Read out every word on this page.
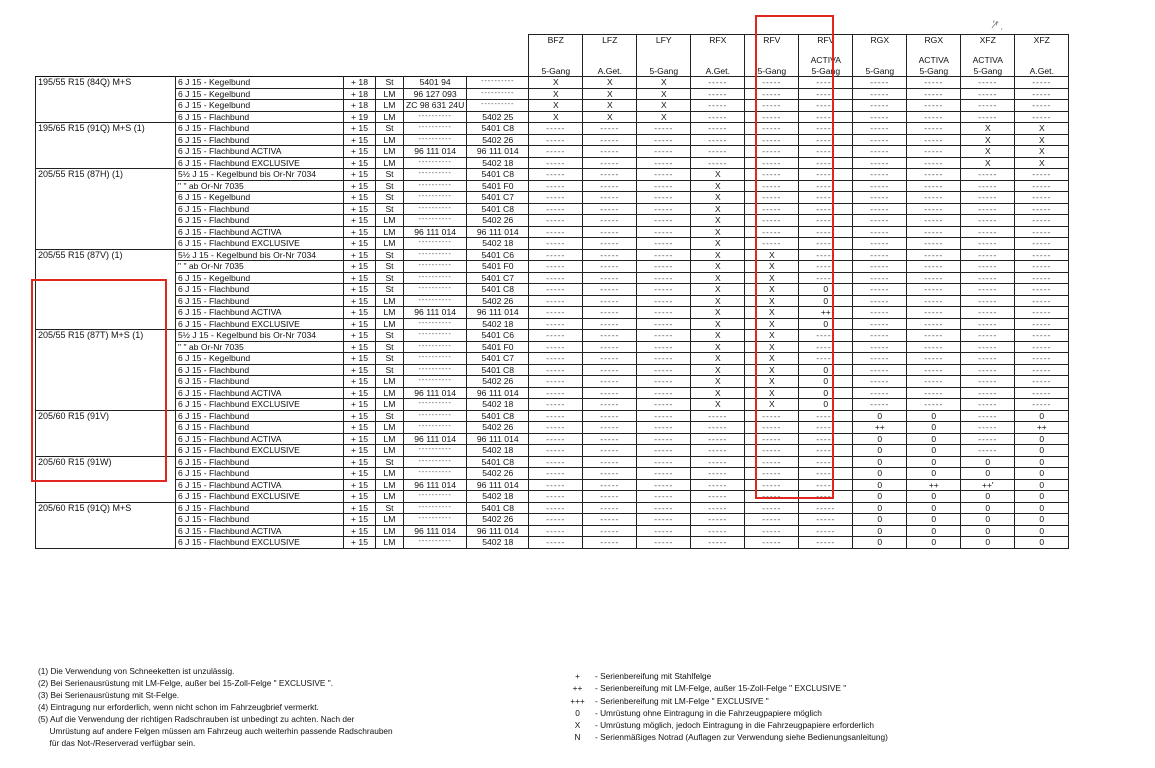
ʼ⁄ʳ ˌ
						BFZ	LFZ	LFY	RFX	RFV	RFV	RGX	RGX	XFZ	XFZ
											ACTIVA		ACTIVA	ACTIVA	
						5-Gang	A.Get.	5-Gang	A.Get.	5-Gang	5-Gang	5-Gang	5-Gang	5-Gang	A.Get.
195/55 R15 (84Q) M+S	6 J 15 - Kegelbund	+ 18	St	5401 94	----------	X	X	X	-----	-----	-----	-----	-----	-----	-----
	6 J 15 - Kegelbund	+ 18	LM	96 127 093	----------	X	X	X	-----	-----	-----	-----	-----	-----	-----
	6 J 15 - Kegelbund	+ 18	LM	ZC 98 631 24U	----------	X	X	X	-----	-----	-----	-----	-----	-----	-----
	6 J 15 - Flachbund	+ 19	LM	----------	5402 25	X	X	X	-----	-----	-----	-----	-----	-----	-----
195/65 R15 (91Q) M+S (1)	6 J 15 - Flachbund	+ 15	St	----------	5401 C8	-----	-----	-----	-----	-----	-----	-----	-----	X	X
	6 J 15 - Flachbund	+ 15	LM	----------	5402 26	-----	-----	-----	-----	-----	-----	-----	-----	X	X
	6 J 15 - Flachbund ACTIVA	+ 15	LM	96 111 014	96 111 014	-----	-----	-----	-----	-----	-----	-----	-----	X	X
	6 J 15 - Flachbund EXCLUSIVE	+ 15	LM	----------	5402 18	-----	-----	-----	-----	-----	-----	-----	-----	X	X
205/55 R15 (87H) (1)	5½ J 15 - Kegelbund bis Or-Nr 7034	+ 15	St	----------	5401 C8	-----	-----	-----	X	-----	-----	-----	-----	-----	-----
	" " ab Or-Nr 7035	+ 15	St	----------	5401 F0	-----	-----	-----	X	-----	-----	-----	-----	-----	-----
	6 J 15 - Kegelbund	+ 15	St	----------	5401 C7	-----	-----	-----	X	-----	-----	-----	-----	-----	-----
	6 J 15 - Flachbund	+ 15	St	----------	5401 C8	-----	-----	-----	X	-----	-----	-----	-----	-----	-----
	6 J 15 - Flachbund	+ 15	LM	----------	5402 26	-----	-----	-----	X	-----	-----	-----	-----	-----	-----
	6 J 15 - Flachbund ACTIVA	+ 15	LM	96 111 014	96 111 014	-----	-----	-----	X	-----	-----	-----	-----	-----	-----
	6 J 15 - Flachbund EXCLUSIVE	+ 15	LM	----------	5402 18	-----	-----	-----	X	-----	-----	-----	-----	-----	-----
205/55 R15 (87V) (1)	5½ J 15 - Kegelbund bis Or-Nr 7034	+ 15	St	----------	5401 C6	-----	-----	-----	X	X	-----	-----	-----	-----	-----
	" " ab Or-Nr 7035	+ 15	St	----------	5401 F0	-----	-----	-----	X	X	-----	-----	-----	-----	-----
	6 J 15 - Kegelbund	+ 15	St	----------	5401 C7	-----	-----	-----	X	X	-----	-----	-----	-----	-----
	6 J 15 - Flachbund	+ 15	St	----------	5401 C8	-----	-----	-----	X	X	0	-----	-----	-----	-----
	6 J 15 - Flachbund	+ 15	LM	----------	5402 26	-----	-----	-----	X	X	0	-----	-----	-----	-----
	6 J 15 - Flachbund ACTIVA	+ 15	LM	96 111 014	96 111 014	-----	-----	-----	X	X	++	-----	-----	-----	-----
	6 J 15 - Flachbund EXCLUSIVE	+ 15	LM	----------	5402 18	-----	-----	-----	X	X	0	-----	-----	-----	-----
205/55 R15 (87T) M+S (1)	5½ J 15 - Kegelbund bis Or-Nr 7034	+ 15	St	----------	5401 C6	-----	-----	-----	X	X	-----	-----	-----	-----	-----
	" " ab Or-Nr 7035	+ 15	St	----------	5401 F0	-----	-----	-----	X	X	-----	-----	-----	-----	-----
	6 J 15 - Kegelbund	+ 15	St	----------	5401 C7	-----	-----	-----	X	X	-----	-----	-----	-----	-----
	6 J 15 - Flachbund	+ 15	St	----------	5401 C8	-----	-----	-----	X	X	0	-----	-----	-----	-----
	6 J 15 - Flachbund	+ 15	LM	----------	5402 26	-----	-----	-----	X	X	0	-----	-----	-----	-----
	6 J 15 - Flachbund ACTIVA	+ 15	LM	96 111 014	96 111 014	-----	-----	-----	X	X	0	-----	-----	-----	-----
	6 J 15 - Flachbund EXCLUSIVE	+ 15	LM	----------	5402 18	-----	-----	-----	X	X	0	-----	-----	-----	-----
205/60 R15 (91V)	6 J 15 - Flachbund	+ 15	St	----------	5401 C8	-----	-----	-----	-----	-----	-----	0	0	-----	0
	6 J 15 - Flachbund	+ 15	LM	----------	5402 26	-----	-----	-----	-----	-----	-----	++	0	-----	++
	6 J 15 - Flachbund ACTIVA	+ 15	LM	96 111 014	96 111 014	-----	-----	-----	-----	-----	-----	0	0	-----	0
	6 J 15 - Flachbund EXCLUSIVE	+ 15	LM	----------	5402 18	-----	-----	-----	-----	-----	-----	0	0	-----	0
205/60 R15 (91W)	6 J 15 - Flachbund	+ 15	St	----------	5401 C8	-----	-----	-----	-----	-----	-----	0	0	0	0
	6 J 15 - Flachbund	+ 15	LM	----------	5402 26	-----	-----	-----	-----	-----	-----	0	0	0	0
	6 J 15 - Flachbund ACTIVA	+ 15	LM	96 111 014	96 111 014	-----	-----	-----	-----	-----	-----	0	++	++'	0
	6 J 15 - Flachbund EXCLUSIVE	+ 15	LM	----------	5402 18	-----	-----	-----	-----	-----	-----	0	0	0	0
205/60 R15 (91Q) M+S	6 J 15 - Flachbund	+ 15	St	----------	5401 C8	-----	-----	-----	-----	-----	-----	0	0	0	0
	6 J 15 - Flachbund	+ 15	LM	----------	5402 26	-----	-----	-----	-----	-----	-----	0	0	0	0
	6 J 15 - Flachbund ACTIVA	+ 15	LM	96 111 014	96 111 014	-----	-----	-----	-----	-----	-----	0	0	0	0
	6 J 15 - Flachbund EXCLUSIVE	+ 15	LM	----------	5402 18	-----	-----	-----	-----	-----	-----	0	0	0	0
(1) Die Verwendung von Schneeketten ist unzulässig.
(2) Bei Serienausrüstung mit LM-Felge, außer bei 15-Zoll-Felge " EXCLUSIVE ".
(3) Bei Serienausrüstung mit St-Felge.
(4) Eintragung nur erforderlich, wenn nicht schon im Fahrzeugbrief vermerkt.
(5) Auf die Verwendung der richtigen Radschrauben ist unbedingt zu achten. Nach der
Umrüstung auf andere Felgen müssen am Fahrzeug auch weiterhin passende Radschrauben
für das Not-/Reserverad verfügbar sein.
+ - Serienbereifung mit Stahlfelge
++ - Serienbereifung mit LM-Felge, außer 15-Zoll-Felge " EXCLUSIVE "
+++ - Serienbereifung mit LM-Felge " EXCLUSIVE "
0 - Umrüstung ohne Eintragung in die Fahrzeugpapiere möglich
X - Umrüstung möglich, jedoch Eintragung in die Fahrzeugpapiere erforderlich
N - Serienmäßiges Notrad (Auflagen zur Verwendung siehe Bedienungsanleitung)
